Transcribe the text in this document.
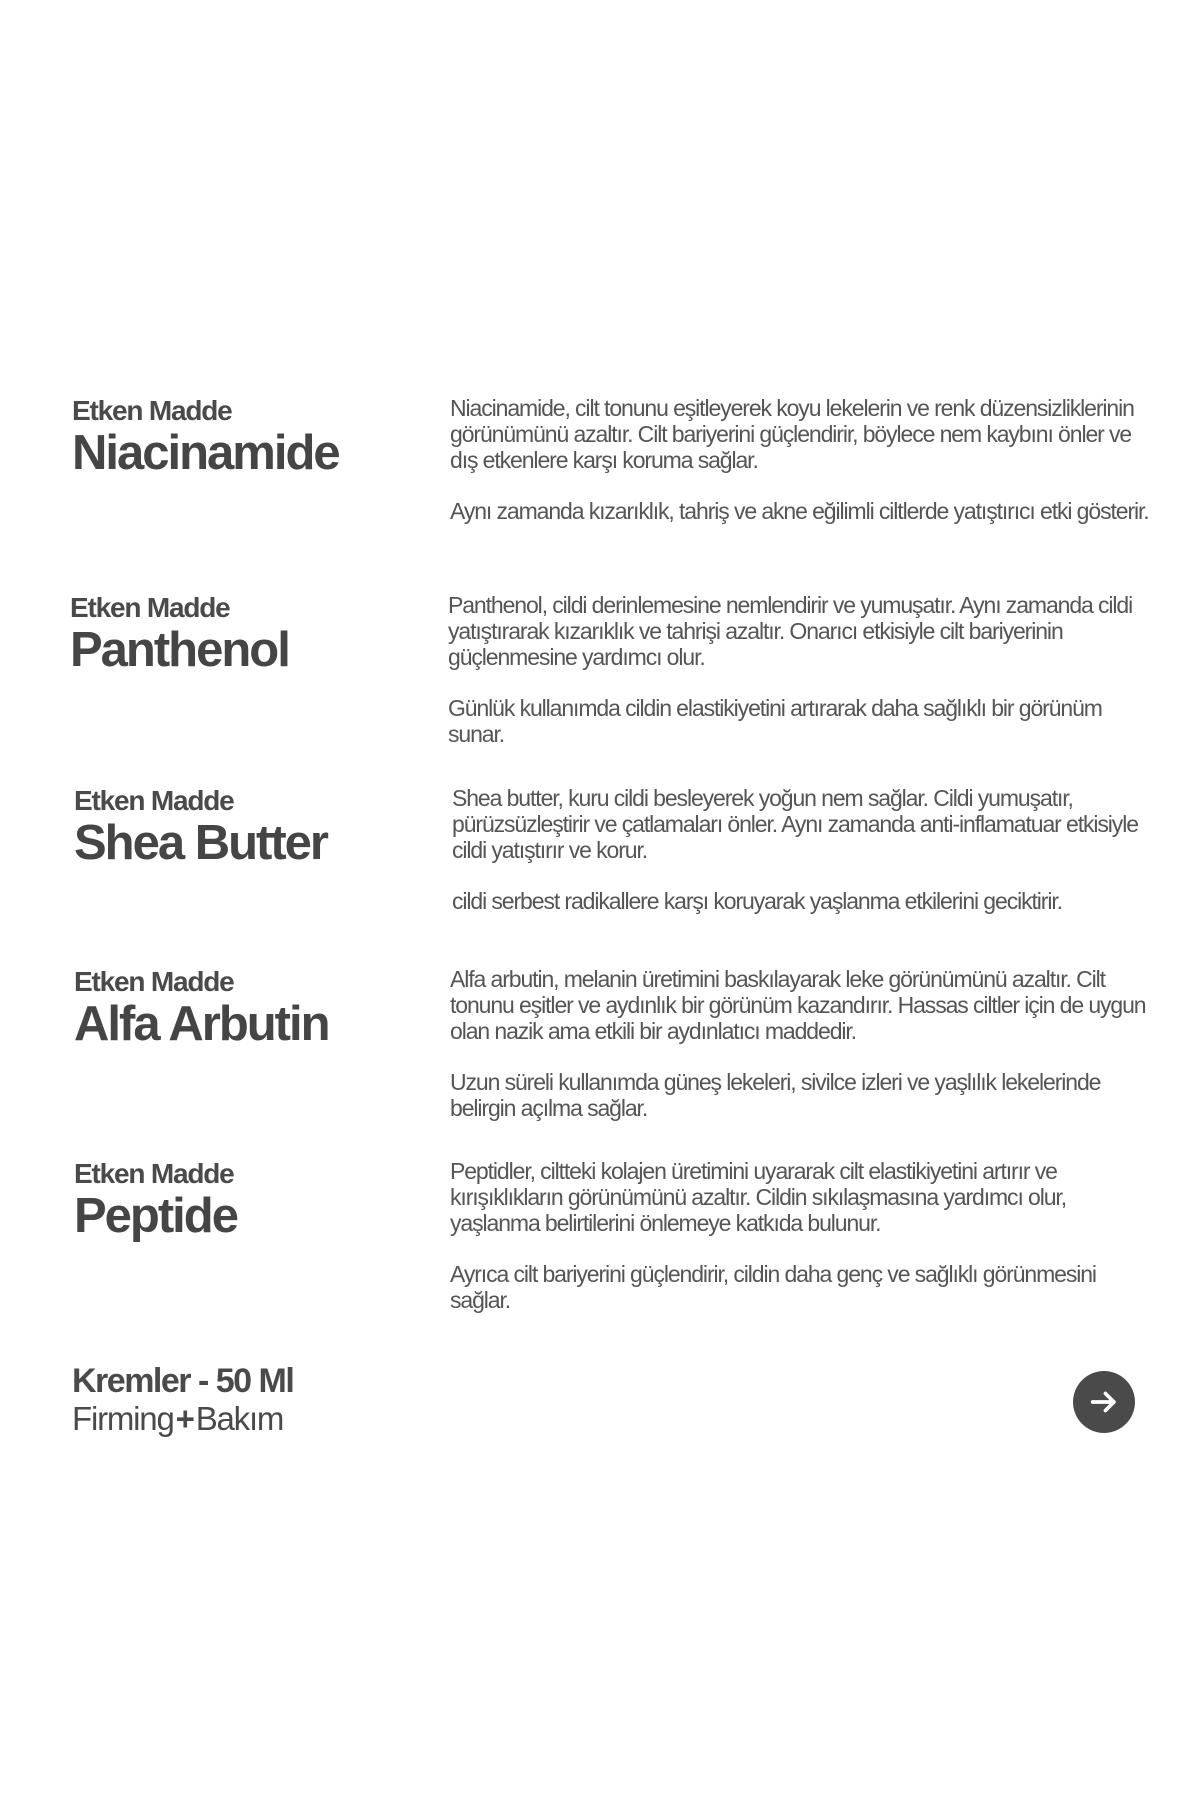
Etken Madde
Niacinamide

Niacinamide, cilt tonunu eşitleyerek koyu lekelerin ve renk düzensizliklerinin görünümünü azaltır. Cilt bariyerini güçlendirir, böylece nem kaybını önler ve dış etkenlere karşı koruma sağlar.

Aynı zamanda kızarıklık, tahriş ve akne eğilimli ciltlerde yatıştırıcı etki gösterir.

Etken Madde
Panthenol

Panthenol, cildi derinlemesine nemlendirir ve yumuşatır. Aynı zamanda cildi yatıştırarak kızarıklık ve tahrişi azaltır. Onarıcı etkisiyle cilt bariyerinin güçlenmesine yardımcı olur.

Günlük kullanımda cildin elastikiyetini artırarak daha sağlıklı bir görünüm sunar.

Etken Madde
Shea Butter

Shea butter, kuru cildi besleyerek yoğun nem sağlar. Cildi yumuşatır, pürüzsüzleştirir ve çatlamaları önler. Aynı zamanda anti-inflamatuar etkisiyle cildi yatıştırır ve korur.

cildi serbest radikallere karşı koruyarak yaşlanma etkilerini geciktirir.

Etken Madde
Alfa Arbutin

Alfa arbutin, melanin üretimini baskılayarak leke görünümünü azaltır. Cilt tonunu eşitler ve aydınlık bir görünüm kazandırır. Hassas ciltler için de uygun olan nazik ama etkili bir aydınlatıcı maddedir.

Uzun süreli kullanımda güneş lekeleri, sivilce izleri ve yaşlılık lekelerinde belirgin açılma sağlar.

Etken Madde
Peptide

Peptidler, ciltteki kolajen üretimini uyararak cilt elastikiyetini artırır ve kırışıklıkların görünümünü azaltır. Cildin sıkılaşmasına yardımcı olur, yaşlanma belirtilerini önlemeye katkıda bulunur.

Ayrıca cilt bariyerini güçlendirir, cildin daha genç ve sağlıklı görünmesini sağlar.

Kremler - 50 Ml
Firming+Bakım
